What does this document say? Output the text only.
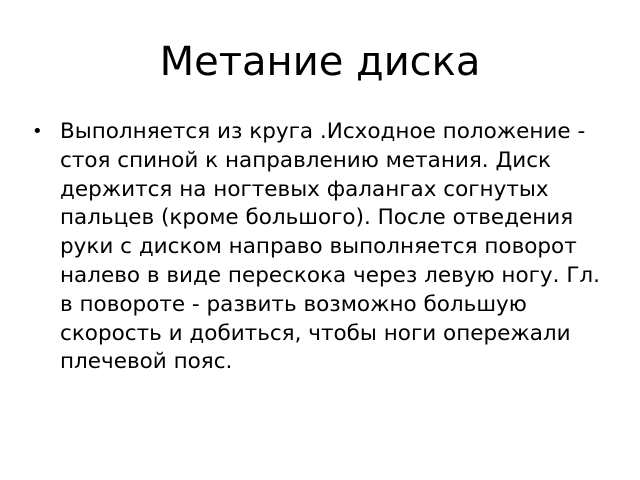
Метание диска
• Выполняется из круга .Исходное положение - стоя спиной к направлению метания. Диск держится на ногтевых фалангах согнутых пальцев (кроме большого). После отведения руки с диском направо выполняется поворот налево в виде перескока через левую ногу. Гл. в повороте - развить возможно большую скорость и добиться, чтобы ноги опережали плечевой пояс.
